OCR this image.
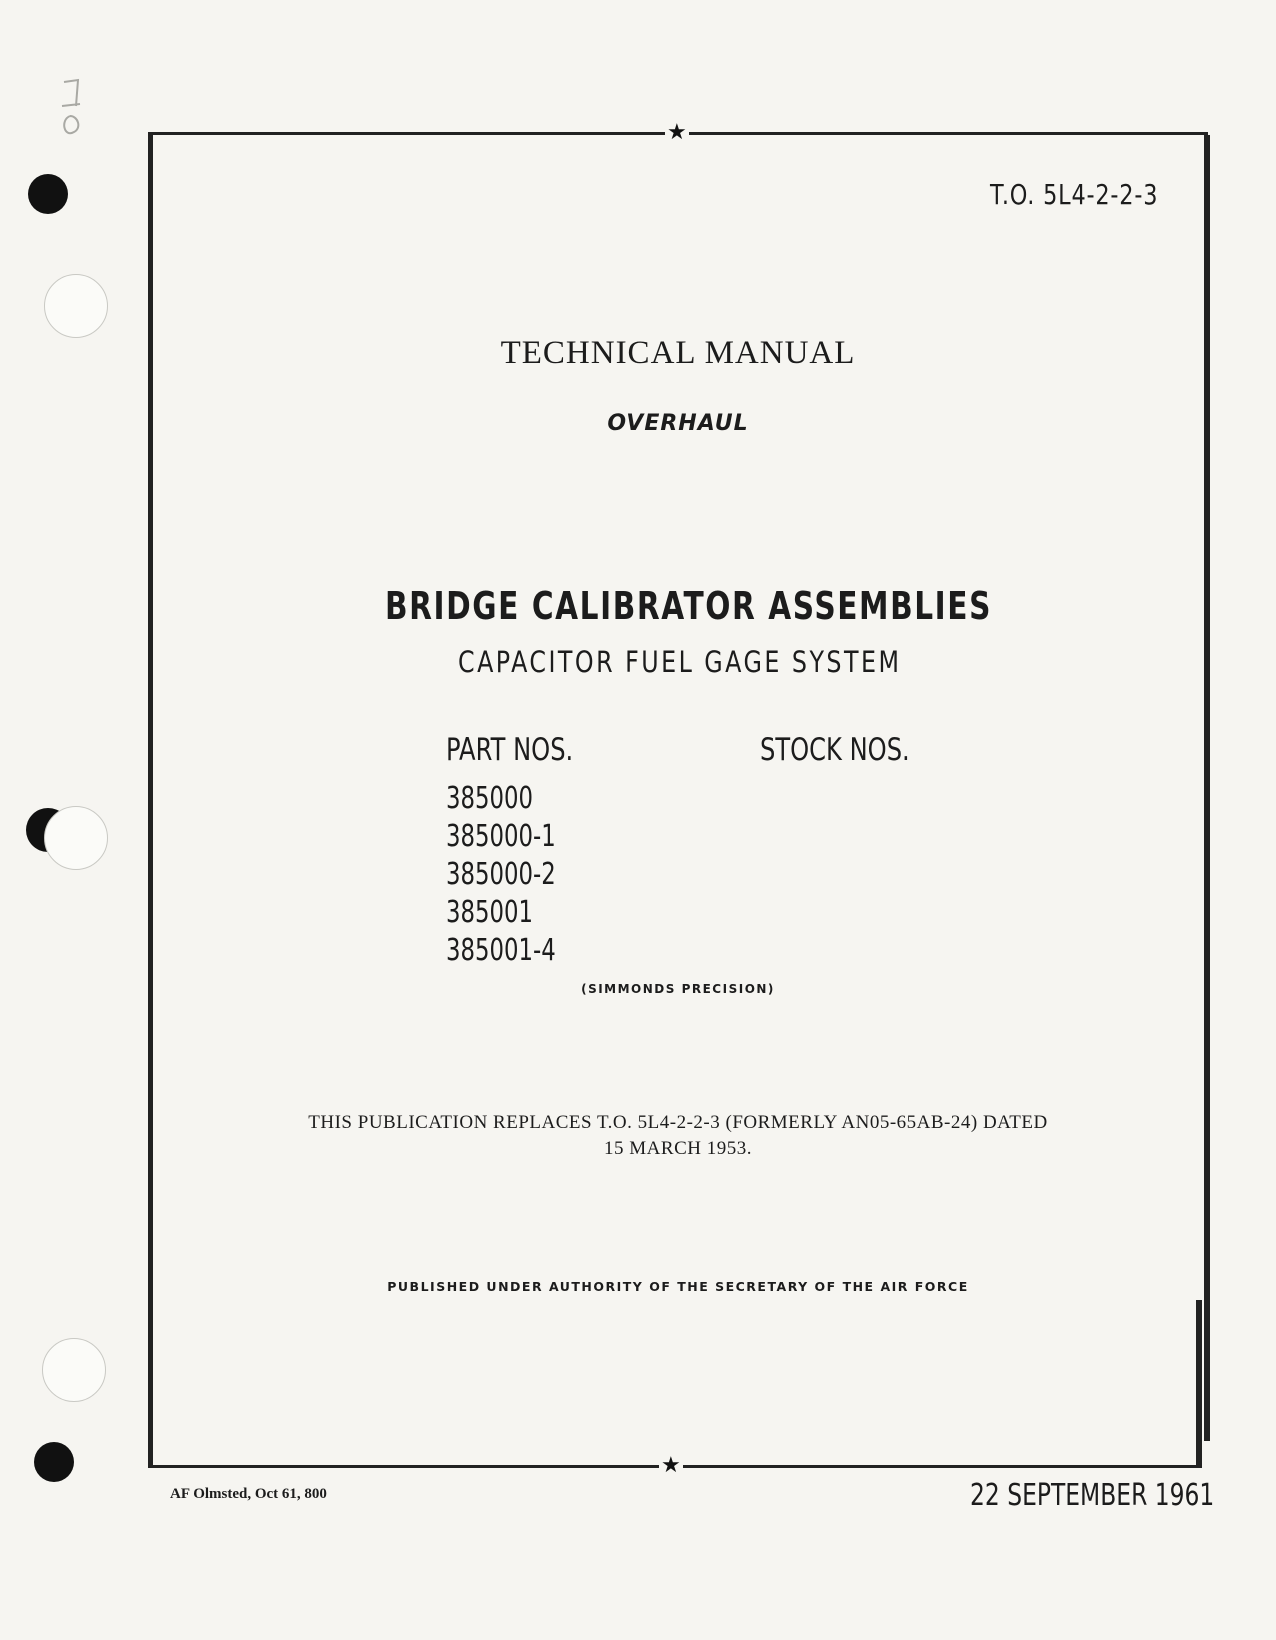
★
★
T.O. 5L4-2-2-3
TECHNICAL MANUAL
OVERHAUL
BRIDGE CALIBRATOR ASSEMBLIES
CAPACITOR FUEL GAGE SYSTEM
PART NOS.	STOCK NOS.
385000
385000-1
385000-2
385001
385001-4
(SIMMONDS PRECISION)
THIS PUBLICATION REPLACES T.O. 5L4-2-2-3 (FORMERLY AN05-65AB-24) DATED
15 MARCH 1953.
PUBLISHED UNDER AUTHORITY OF THE SECRETARY OF THE AIR FORCE
AF Olmsted, Oct 61, 800	22 SEPTEMBER 1961
